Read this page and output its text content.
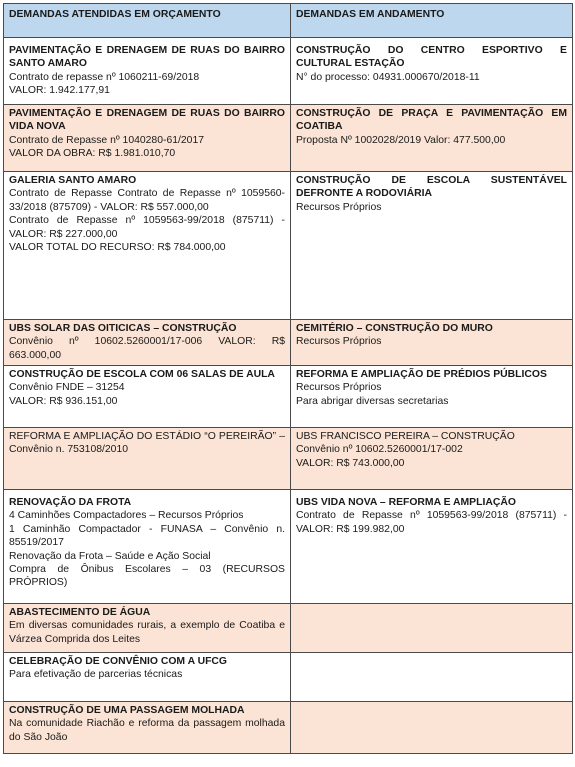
DEMANDAS ATENDIDAS EM ORÇAMENTO	DEMANDAS EM ANDAMENTO

PAVIMENTAÇÃO E DRENAGEM DE RUAS DO BAIRRO SANTO AMARO
Contrato de repasse nº 1060211-69/2018
VALOR: 1.942.177,91	CONSTRUÇÃO DO CENTRO ESPORTIVO E CULTURAL ESTAÇÃO
N° do processo: 04931.000670/2018-11

PAVIMENTAÇÃO E DRENAGEM DE RUAS DO BAIRRO VIDA NOVA
Contrato de Repasse nº 1040280-61/2017
VALOR DA OBRA: R$ 1.981.010,70	CONSTRUÇÃO DE PRAÇA E PAVIMENTAÇÃO EM COATIBA
Proposta Nº 1002028/2019 Valor: 477.500,00

GALERIA SANTO AMARO
Contrato de Repasse Contrato de Repasse nº 1059560-33/2018 (875709) - VALOR: R$ 557.000,00
Contrato de Repasse nº 1059563-99/2018 (875711) - VALOR: R$ 227.000,00
VALOR TOTAL DO RECURSO: R$ 784.000,00	CONSTRUÇÃO DE ESCOLA SUSTENTÁVEL DEFRONTE A RODOVIÁRIA
Recursos Próprios

UBS SOLAR DAS OITICICAS – CONSTRUÇÃO
Convênio nº 10602.5260001/17-006 VALOR: R$ 663.000,00	CEMITÉRIO – CONSTRUÇÃO DO MURO
Recursos Próprios

CONSTRUÇÃO DE ESCOLA COM 06 SALAS DE AULA
Convênio FNDE – 31254
VALOR: R$ 936.151,00	REFORMA E AMPLIAÇÃO DE PRÉDIOS PÚBLICOS
Recursos Próprios
Para abrigar diversas secretarias

REFORMA E AMPLIAÇÃO DO ESTÁDIO “O PEREIRÃO” – Convênio n. 753108/2010	UBS FRANCISCO PEREIRA – CONSTRUÇÃO
Convênio nº 10602.5260001/17-002
VALOR: R$ 743.000,00

RENOVAÇÃO DA FROTA
4 Caminhões Compactadores – Recursos Próprios
1 Caminhão Compactador - FUNASA – Convênio n. 85519/2017
Renovação da Frota – Saúde e Ação Social
Compra de Ônibus Escolares – 03 (RECURSOS PRÓPRIOS)	UBS VIDA NOVA – REFORMA E AMPLIAÇÃO
Contrato de Repasse nº 1059563-99/2018 (875711) - VALOR: R$ 199.982,00

ABASTECIMENTO DE ÁGUA
Em diversas comunidades rurais, a exemplo de Coatiba e Várzea Comprida dos Leites	

CELEBRAÇÃO DE CONVÊNIO COM A UFCG
Para efetivação de parcerias técnicas	

CONSTRUÇÃO DE UMA PASSAGEM MOLHADA
Na comunidade Riachão e reforma da passagem molhada do São João	
